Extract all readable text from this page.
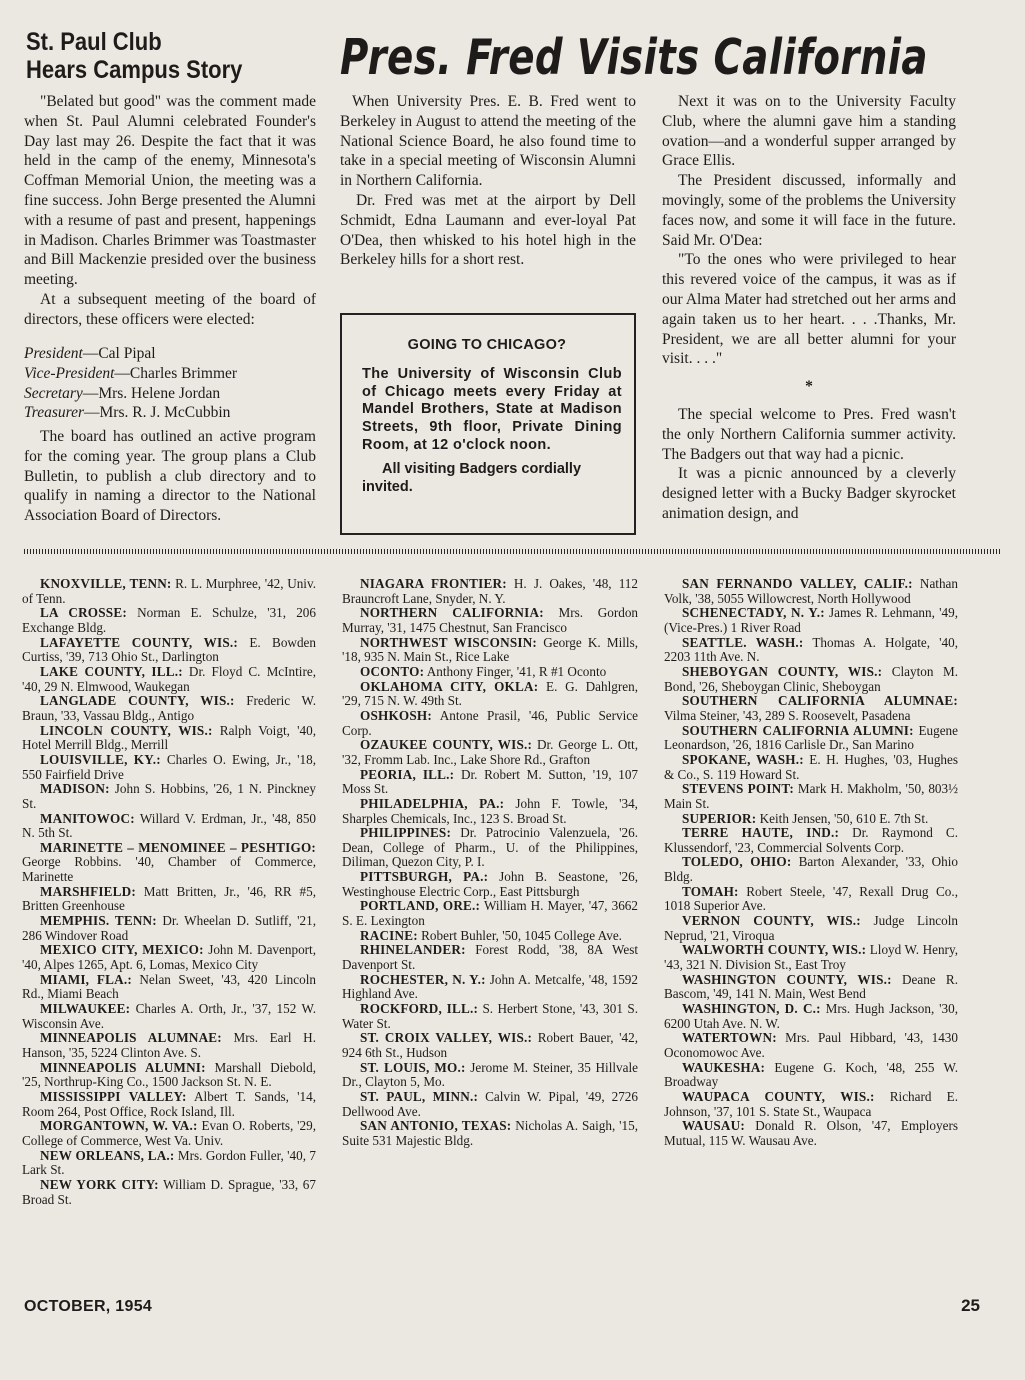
St. Paul Club
Hears Campus Story

"Belated but good" was the comment made when St. Paul Alumni celebrated Founder's Day last may 26. Despite the fact that it was held in the camp of the enemy, Minnesota's Coffman Memorial Union, the meeting was a fine success. John Berge presented the Alumni with a resume of past and present, happenings in Madison. Charles Brimmer was Toastmaster and Bill Mackenzie presided over the business meeting.

At a subsequent meeting of the board of directors, these officers were elected:

President—Cal Pipal
Vice-President—Charles Brimmer
Secretary—Mrs. Helene Jordan
Treasurer—Mrs. R. J. McCubbin

The board has outlined an active program for the coming year. The group plans a Club Bulletin, to publish a club directory and to qualify in naming a director to the National Association Board of Directors.

Pres. Fred Visits California

When University Pres. E. B. Fred went to Berkeley in August to attend the meeting of the National Science Board, he also found time to take in a special meeting of Wisconsin Alumni in Northern California.

Dr. Fred was met at the airport by Dell Schmidt, Edna Laumann and ever-loyal Pat O'Dea, then whisked to his hotel high in the Berkeley hills for a short rest.

GOING TO CHICAGO?
The University of Wisconsin Club of Chicago meets every Friday at Mandel Brothers, State at Madison Streets, 9th floor, Private Dining Room, at 12 o'clock noon.
All visiting Badgers cordially invited.

Next it was on to the University Faculty Club, where the alumni gave him a standing ovation—and a wonderful supper arranged by Grace Ellis.

The President discussed, informally and movingly, some of the problems the University faces now, and some it will face in the future. Said Mr. O'Dea:

"To the ones who were privileged to hear this revered voice of the campus, it was as if our Alma Mater had stretched out her arms and again taken us to her heart. . . .Thanks, Mr. President, we are all better alumni for your visit. . . ."

*

The special welcome to Pres. Fred wasn't the only Northern California summer activity. The Badgers out that way had a picnic.

It was a picnic announced by a cleverly designed letter with a Bucky Badger skyrocket animation design, and

KNOXVILLE, TENN: R. L. Murphree, '42, Univ. of Tenn.

LA CROSSE: Norman E. Schulze, '31, 206 Exchange Bldg.

LAFAYETTE COUNTY, WIS.: E. Bowden Curtiss, '39, 713 Ohio St., Darlington

LAKE COUNTY, ILL.: Dr. Floyd C. McIntire, '40, 29 N. Elmwood, Waukegan

LANGLADE COUNTY, WIS.: Frederic W. Braun, '33, Vassau Bldg., Antigo

LINCOLN COUNTY, WIS.: Ralph Voigt, '40, Hotel Merrill Bldg., Merrill

LOUISVILLE, KY.: Charles O. Ewing, Jr., '18, 550 Fairfield Drive

MADISON: John S. Hobbins, '26, 1 N. Pinckney St.

MANITOWOC: Willard V. Erdman, Jr., '48, 850 N. 5th St.

MARINETTE – MENOMINEE – PESHTIGO: George Robbins. '40, Chamber of Commerce, Marinette

MARSHFIELD: Matt Britten, Jr., '46, RR #5, Britten Greenhouse

MEMPHIS. TENN: Dr. Wheelan D. Sutliff, '21, 286 Windover Road

MEXICO CITY, MEXICO: John M. Davenport, '40, Alpes 1265, Apt. 6, Lomas, Mexico City

MIAMI, FLA.: Nelan Sweet, '43, 420 Lincoln Rd., Miami Beach

MILWAUKEE: Charles A. Orth, Jr., '37, 152 W. Wisconsin Ave.

MINNEAPOLIS ALUMNAE: Mrs. Earl H. Hanson, '35, 5224 Clinton Ave. S.

MINNEAPOLIS ALUMNI: Marshall Diebold, '25, Northrup-King Co., 1500 Jackson St. N. E.

MISSISSIPPI VALLEY: Albert T. Sands, '14, Room 264, Post Office, Rock Island, Ill.

MORGANTOWN, W. VA.: Evan O. Roberts, '29, College of Commerce, West Va. Univ.

NEW ORLEANS, LA.: Mrs. Gordon Fuller, '40, 7 Lark St.

NEW YORK CITY: William D. Sprague, '33, 67 Broad St.

NIAGARA FRONTIER: H. J. Oakes, '48, 112 Brauncroft Lane, Snyder, N. Y.

NORTHERN CALIFORNIA: Mrs. Gordon Murray, '31, 1475 Chestnut, San Francisco

NORTHWEST WISCONSIN: George K. Mills, '18, 935 N. Main St., Rice Lake

OCONTO: Anthony Finger, '41, R #1 Oconto

OKLAHOMA CITY, OKLA: E. G. Dahlgren, '29, 715 N. W. 49th St.

OSHKOSH: Antone Prasil, '46, Public Service Corp.

OZAUKEE COUNTY, WIS.: Dr. George L. Ott, '32, Fromm Lab. Inc., Lake Shore Rd., Grafton

PEORIA, ILL.: Dr. Robert M. Sutton, '19, 107 Moss St.

PHILADELPHIA, PA.: John F. Towle, '34, Sharples Chemicals, Inc., 123 S. Broad St.

PHILIPPINES: Dr. Patrocinio Valenzuela, '26. Dean, College of Pharm., U. of the Philippines, Diliman, Quezon City, P. I.

PITTSBURGH, PA.: John B. Seastone, '26, Westinghouse Electric Corp., East Pittsburgh

PORTLAND, ORE.: William H. Mayer, '47, 3662 S. E. Lexington

RACINE: Robert Buhler, '50, 1045 College Ave.

RHINELANDER: Forest Rodd, '38, 8A West Davenport St.

ROCHESTER, N. Y.: John A. Metcalfe, '48, 1592 Highland Ave.

ROCKFORD, ILL.: S. Herbert Stone, '43, 301 S. Water St.

ST. CROIX VALLEY, WIS.: Robert Bauer, '42, 924 6th St., Hudson

ST. LOUIS, MO.: Jerome M. Steiner, 35 Hillvale Dr., Clayton 5, Mo.

ST. PAUL, MINN.: Calvin W. Pipal, '49, 2726 Dellwood Ave.

SAN ANTONIO, TEXAS: Nicholas A. Saigh, '15, Suite 531 Majestic Bldg.

SAN FERNANDO VALLEY, CALIF.: Nathan Volk, '38, 5055 Willowcrest, North Hollywood

SCHENECTADY, N. Y.: James R. Lehmann, '49, (Vice-Pres.) 1 River Road

SEATTLE. WASH.: Thomas A. Holgate, '40, 2203 11th Ave. N.

SHEBOYGAN COUNTY, WIS.: Clayton M. Bond, '26, Sheboygan Clinic, Sheboygan

SOUTHERN CALIFORNIA ALUMNAE: Vilma Steiner, '43, 289 S. Roosevelt, Pasadena

SOUTHERN CALIFORNIA ALUMNI: Eugene Leonardson, '26, 1816 Carlisle Dr., San Marino

SPOKANE, WASH.: E. H. Hughes, '03, Hughes & Co., S. 119 Howard St.

STEVENS POINT: Mark H. Makholm, '50, 803½ Main St.

SUPERIOR: Keith Jensen, '50, 610 E. 7th St.

TERRE HAUTE, IND.: Dr. Raymond C. Klussendorf, '23, Commercial Solvents Corp.

TOLEDO, OHIO: Barton Alexander, '33, Ohio Bldg.

TOMAH: Robert Steele, '47, Rexall Drug Co., 1018 Superior Ave.

VERNON COUNTY, WIS.: Judge Lincoln Neprud, '21, Viroqua

WALWORTH COUNTY, WIS.: Lloyd W. Henry, '43, 321 N. Division St., East Troy

WASHINGTON COUNTY, WIS.: Deane R. Bascom, '49, 141 N. Main, West Bend

WASHINGTON, D. C.: Mrs. Hugh Jackson, '30, 6200 Utah Ave. N. W.

WATERTOWN: Mrs. Paul Hibbard, '43, 1430 Oconomowoc Ave.

WAUKESHA: Eugene G. Koch, '48, 255 W. Broadway

WAUPACA COUNTY, WIS.: Richard E. Johnson, '37, 101 S. State St., Waupaca

WAUSAU: Donald R. Olson, '47, Employers Mutual, 115 W. Wausau Ave.

OCTOBER, 1954	25
